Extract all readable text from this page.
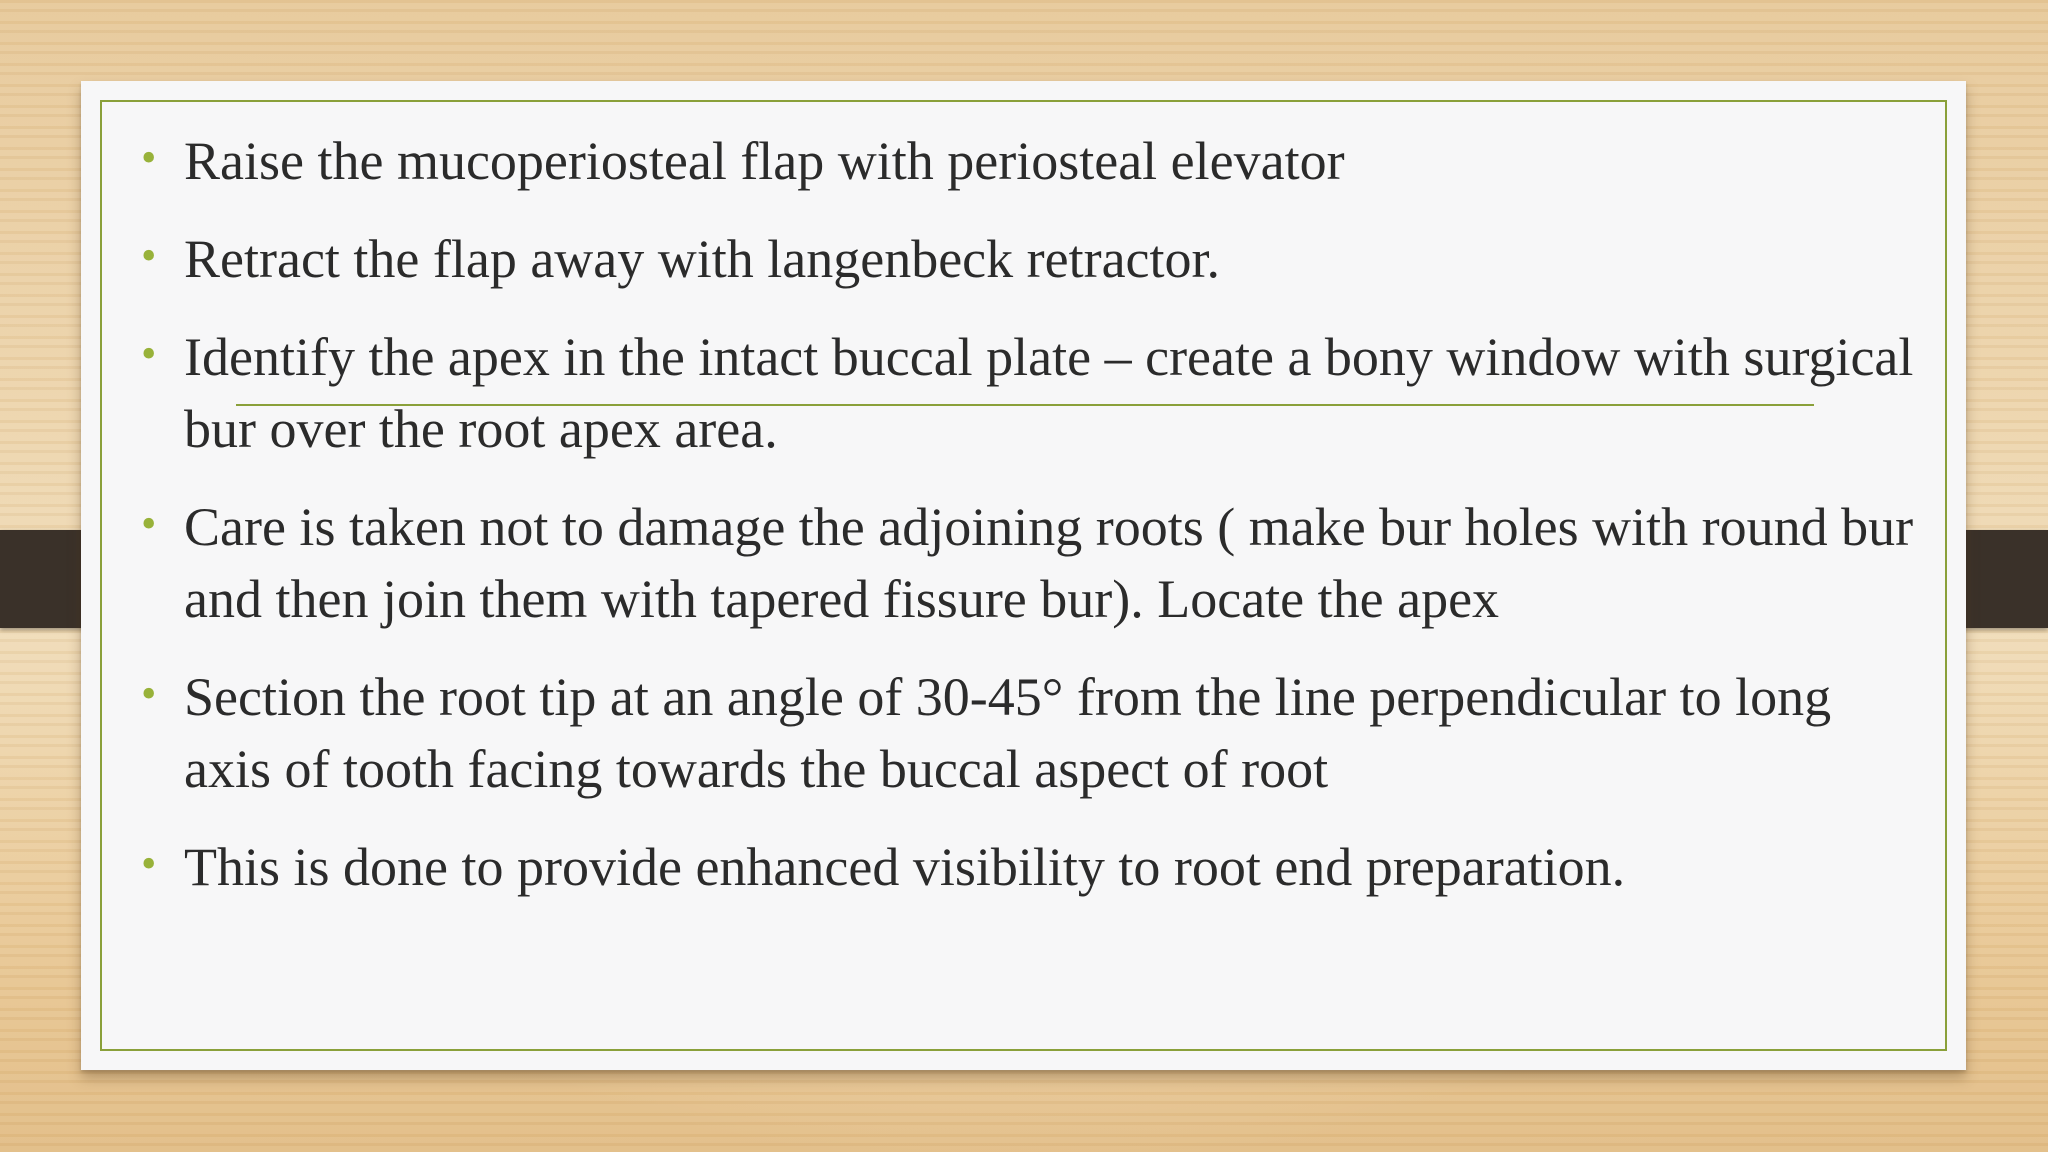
• Raise the mucoperiosteal flap with periosteal elevator
• Retract the flap away with langenbeck retractor.
• Identify the apex in the intact buccal plate – create a bony window with surgical bur over the root apex area.
• Care is taken not to damage the adjoining roots ( make bur holes with round bur and then join them with tapered fissure bur). Locate the apex
• Section the root tip at an angle of 30-45° from the line perpendicular to long axis of tooth facing towards the buccal aspect of root
• This is done to provide enhanced visibility to root end preparation.
